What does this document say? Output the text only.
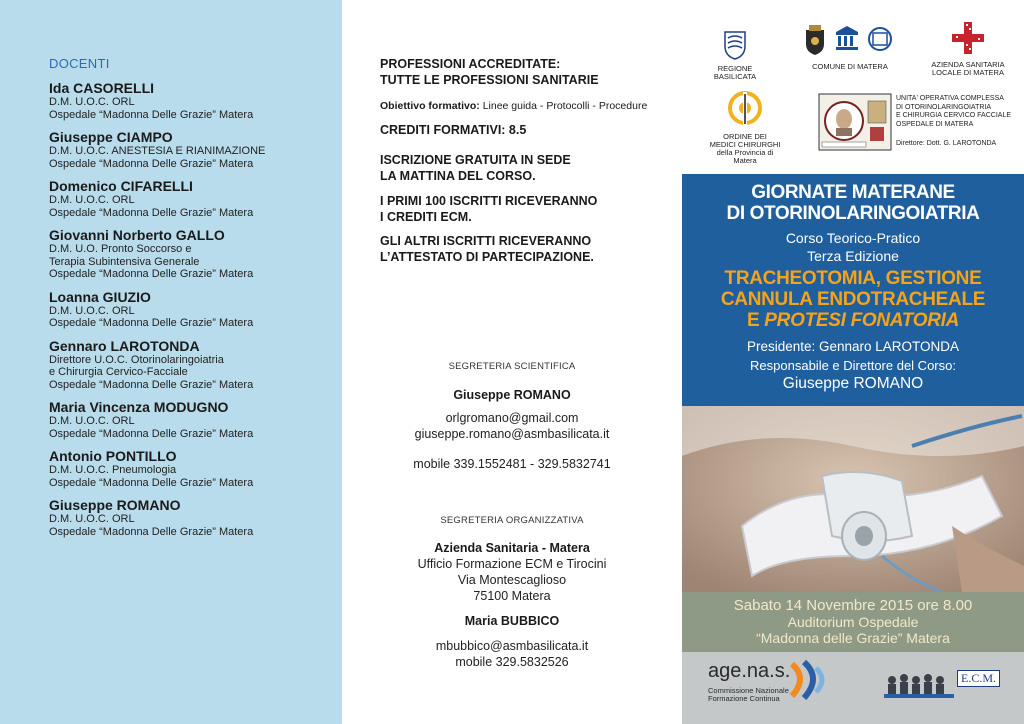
DOCENTI
Ida CASORELLI
D.M. U.O.C. ORL
Ospedale “Madonna Delle Grazie” Matera
Giuseppe CIAMPO
D.M. U.O.C. ANESTESIA E RIANIMAZIONE
Ospedale “Madonna Delle Grazie” Matera
Domenico CIFARELLI
D.M. U.O.C. ORL
Ospedale “Madonna Delle Grazie” Matera
Giovanni Norberto GALLO
D.M. U.O. Pronto Soccorso e
Terapia Subintensiva Generale
Ospedale “Madonna Delle Grazie” Matera
Loanna GIUZIO
D.M. U.O.C. ORL
Ospedale “Madonna Delle Grazie” Matera
Gennaro LAROTONDA
Direttore U.O.C. Otorinolaringoiatria
e Chirurgia Cervico-Facciale
Ospedale “Madonna Delle Grazie” Matera
Maria Vincenza MODUGNO
D.M. U.O.C. ORL
Ospedale “Madonna Delle Grazie” Matera
Antonio PONTILLO
D.M. U.O.C. Pneumologia
Ospedale “Madonna Delle Grazie” Matera
Giuseppe ROMANO
D.M. U.O.C. ORL
Ospedale “Madonna Delle Grazie” Matera
PROFESSIONI ACCREDITATE:
TUTTE LE PROFESSIONI SANITARIE
Obiettivo formativo: Linee guida - Protocolli - Procedure
CREDITI FORMATIVI: 8.5
ISCRIZIONE GRATUITA IN SEDE
LA MATTINA DEL CORSO.
I PRIMI 100 ISCRITTI RICEVERANNO
I CREDITI ECM.
GLI ALTRI ISCRITTI RICEVERANNO
L’ATTESTATO DI PARTECIPAZIONE.
SEGRETERIA SCIENTIFICA
Giuseppe ROMANO
orlgromano@gmail.com
giuseppe.romano@asmbasilicata.it
mobile 339.1552481 - 329.5832741
SEGRETERIA ORGANIZZATIVA
Azienda Sanitaria - Matera
Ufficio Formazione ECM e Tirocini
Via Montescaglioso
75100 Matera
Maria BUBBICO
mbubbico@asmbasilicata.it
mobile 329.5832526
REGIONE BASILICATA
COMUNE DI MATERA	AZIENDA SANITARIA
LOCALE DI MATERA
ORDINE DEI
MEDICI CHIRURGHI
della Provincia di Matera
UNITA' OPERATIVA COMPLESSA
DI OTORINOLARINGOIATRIA
E CHIRURGIA CERVICO FACCIALE
OSPEDALE DI MATERA
Direttore: Dott. G. LAROTONDA
GIORNATE MATERANE
DI OTORINOLARINGOIATRIA
Corso Teorico-Pratico
Terza Edizione
TRACHEOTOMIA, GESTIONE
CANNULA ENDOTRACHEALE
E PROTESI FONATORIA
Presidente: Gennaro LAROTONDA
Responsabile e Direttore del Corso:
Giuseppe ROMANO
Sabato 14 Novembre 2015 ore 8.00
Auditorium Ospedale
“Madonna delle Grazie” Matera
age.na.s.
Commissione Nazionale
Formazione Continua
E.C.M.
